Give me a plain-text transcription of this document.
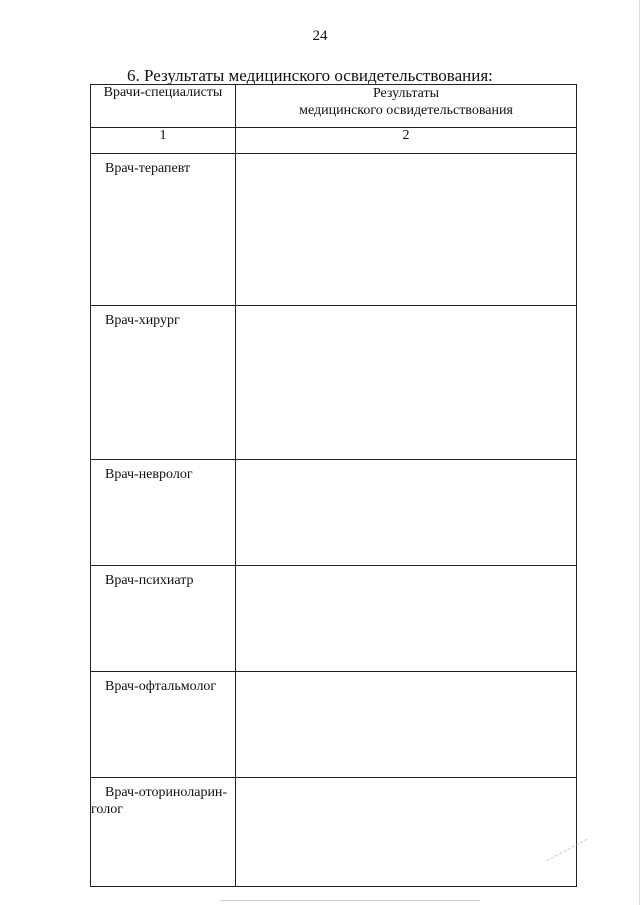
24
6. Результаты медицинского освидетельствования:
Врачи-специалисты	Результаты
медицинского освидетельствования

1	2
Врач-терапевт	
Врач-хирург	
Врач-невролог	
Врач-психиатр	
Врач-офтальмолог	

Врач-оториноларин-
голог	
